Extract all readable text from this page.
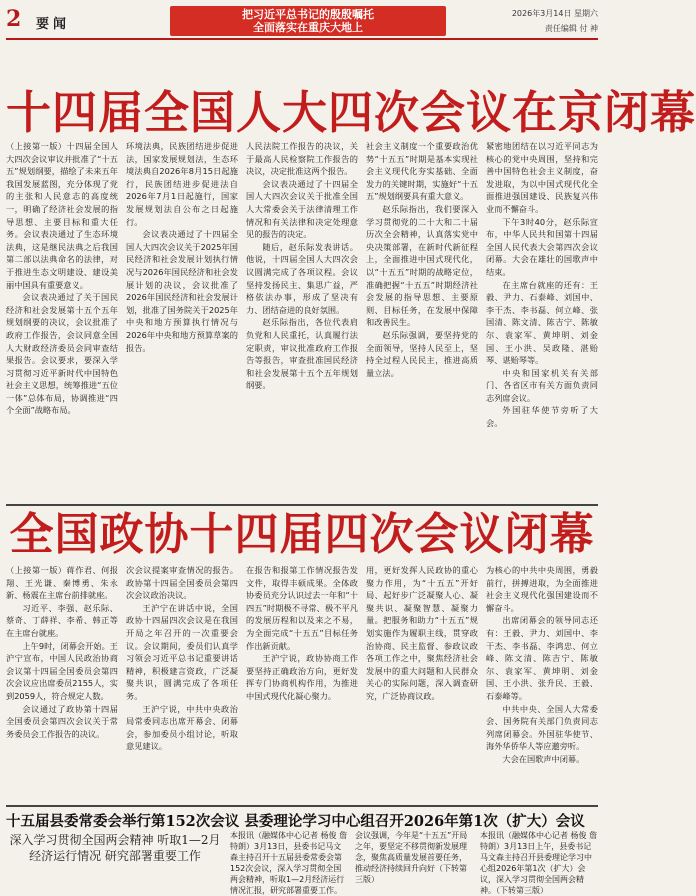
2 要闻
把习近平总书记的殷殷嘱托
全面落实在重庆大地上
2026年3月14日 星期六
责任编辑 付 神
十四届全国人大四次会议在京闭幕

（上接第一版）十四届全国人大四次会议审议并批准了“十五五”规划纲要，描绘了未来五年我国发展蓝图，充分体现了党的主张和人民意志的高度统一，明确了经济社会发展的指导思想、主要目标和重大任务。会议表决通过了生态环境法典，这是继民法典之后我国第二部以法典命名的法律，对于推进生态文明建设、建设美丽中国具有重要意义。

会议表决通过了关于国民经济和社会发展第十五个五年规划纲要的决议，会议批准了政府工作报告，会议同意全国人大财政经济委员会同审查结果报告。会议要求，要深入学习贯彻习近平新时代中国特色社会主义思想，统筹推进“五位一体”总体布局，协调推进“四个全面”战略布局。

环境法典，民族团结进步促进法，国家发展规划法，生态环境法典自2026年8月15日起施行，民族团结进步促进法自2026年7月1日起施行，国家发展规划法自公布之日起施行。

会议表决通过了十四届全国人大四次会议关于2025年国民经济和社会发展计划执行情况与2026年国民经济和社会发展计划的决议，会议批准了2026年国民经济和社会发展计划，批准了国务院关于2025年中央和地方预算执行情况与2026年中央和地方预算草案的报告。

人民法院工作报告的决议，关于最高人民检察院工作报告的决议，决定批准这两个报告。

会议表决通过了十四届全国人大四次会议关于批准全国人大常委会关于法律清理工作情况和有关法律和决定处理意见的报告的决定。

随后，赵乐际发表讲话。他说，十四届全国人大四次会议圆满完成了各项议程。会议坚持发扬民主、集思广益，严格依法办事，形成了坚决有力、团结奋进的良好氛围。

赵乐际指出，各位代表肩负党和人民重托，认真履行法定职责，审议批准政府工作报告等报告，审查批准国民经济和社会发展第十五个五年规划纲要。

社会主义制度一个重要政治优势“十五五”时期是基本实现社会主义现代化夯实基础、全面发力的关键时期，实施好“十五五”规划纲要具有重大意义。

赵乐际指出，我们要深入学习贯彻党的二十大和二十届历次全会精神，认真落实党中央决策部署，在新时代新征程上，全面推进中国式现代化，以“十五五”时期的战略定位，准确把握“十五五”时期经济社会发展的指导思想、主要原则、目标任务，在发展中保障和改善民生。

赵乐际强调，要坚持党的全面领导，坚持人民至上，坚持全过程人民民主，推进高质量立法。

紧密地团结在以习近平同志为核心的党中央周围，坚持和完善中国特色社会主义制度，奋发进取，为以中国式现代化全面推进强国建设、民族复兴伟业而不懈奋斗。

下午3时40分，赵乐际宣布，中华人民共和国第十四届全国人民代表大会第四次会议闭幕。大会在雄壮的国歌声中结束。

在主席台就座的还有：王毅、尹力、石泰峰、刘国中、李干杰、李书磊、何立峰、张国清、陈文清、陈吉宁、陈敏尔、袁家军、黄坤明、刘金国、王小洪、吴政隆、湛贻琴、谌贻琴等。

中央和国家机关有关部门、各省区市有关方面负责同志列席会议。

外国驻华使节旁听了大会。

全国政协十四届四次会议闭幕

（上接第一版）蒋作君、何报翔、王光谦、秦博勇、朱永新、杨震在主席台前排就座。

习近平、李强、赵乐际、蔡奇、丁薛祥、李希、韩正等在主席台就座。

上午9时，闭幕会开始。王沪宁宣布，中国人民政治协商会议第十四届全国委员会第四次会议应出席委员2155人，实到2059人，符合规定人数。

会议通过了政协第十四届全国委员会第四次会议关于常务委员会工作报告的决议。

次会议提案审查情况的报告。政协第十四届全国委员会第四次会议政治决议。

王沪宁在讲话中说，全国政协十四届四次会议是在我国开局之年召开的一次重要会议。会议期间，委员们认真学习领会习近平总书记重要讲话精神，积极建言资政，广泛凝聚共识，圆满完成了各项任务。

王沪宁说，中共中央政治局常委同志出席开幕会、闭幕会，参加委员小组讨论，听取意见建议。

在报告和报第工作情况报告发文件，取得丰硕成果。全体政协委员充分认识过去一年和“十四五”时期极不寻常、极不平凡的发展历程和以及来之不易，为全面完成“十五五”目标任务作出新贡献。

王沪宁说，政协协商工作要坚持正确政治方向，更好发挥专门协商机构作用，为推进中国式现代化凝心聚力。

用，更好发挥人民政协的重心聚力作用，为“十五五”开好局、起好步广泛凝聚人心、凝聚共识、凝聚智慧、凝聚力量。把服务和助力“十五五”规划实施作为履职主线，贯穿政治协商、民主监督、参政议政各项工作之中，聚焦经济社会发展中的重大问题和人民群众关心的实际问题，深入调查研究，广泛协商议政。

为核心的中共中央周围，勇毅前行，拼搏进取，为全面推进社会主义现代化强国建设而不懈奋斗。

出席闭幕会的领导同志还有：王毅、尹力、刘国中、李干杰、李书磊、李鸿忠、何立峰、陈文清、陈吉宁、陈敏尔、袁家军、黄坤明、刘金国、王小洪、张升民、王毅、石泰峰等。

中共中央、全国人大常委会、国务院有关部门负责同志列席闭幕会。外国驻华使节、海外华侨华人等应邀旁听。

大会在国歌声中闭幕。

十五届县委常委会举行第152次会议 县委理论学习中心组召开2026年第1次（扩大）会议
深入学习贯彻全国两会精神 听取1—2月经济运行情况 研究部署重要工作
本报讯（融媒体中心记者 杨俊 詹特朗）3月13日，县委书记马文森主持召开十五届县委常委会第152次会议，深入学习贯彻全国两会精神，听取1—2月经济运行情况汇报，研究部署重要工作。
会议强调，今年是“十五五”开局之年，要坚定不移贯彻新发展理念，聚焦高质量发展首要任务，推动经济持续回升向好（下转第三版）
本报讯（融媒体中心记者 杨俊 詹特朗）3月13日上午，县委书记马文森主持召开县委理论学习中心组2026年第1次（扩大）会议，深入学习贯彻全国两会精神。（下转第三版）
